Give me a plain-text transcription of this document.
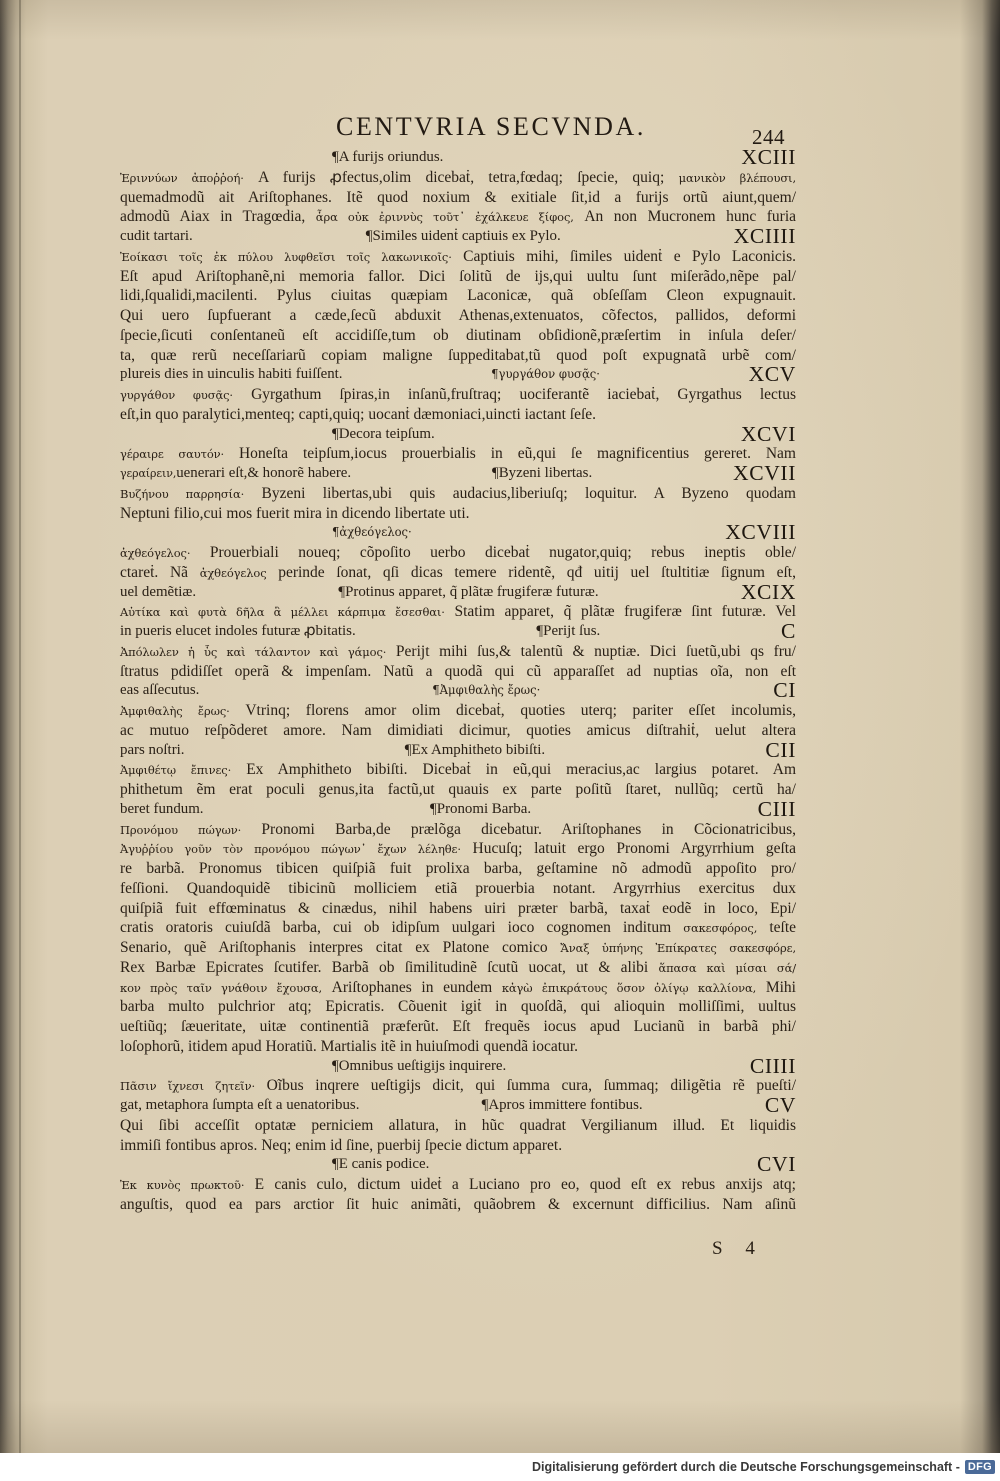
CENTVRIA SECVNDA.	244
¶A furijs oriundus.	XCIII
Ἐριννύων ἀποῤῥοή· A furijs ꝓfectus,olim dicebaṫ, tetra,fœdaq; ſpecie, quiq; μανικὸν βλέπουσι,
quemadmodũ ait Ariſtophanes. Itẽ quod noxium & exitiale ſit,id a furijs ortũ aiunt,quem/
admodũ Aiax in Tragœdia, ἆρα οὐκ ἐριννὺς τοῦτ᾽ ἐχάλκευε ξίφος, An non Mucronem hunc furia
cudit tartari.	¶Similes uidenṫ captiuis ex Pylo.	XCIIII
Ἐοίκασι τοῖς ἐκ πύλου λυφθεῖσι τοῖς λακωνικοῖς· Captiuis mihi, ſimiles uidenṫ e Pylo Laconicis.
Eſt apud Ariſtophanẽ,ni memoria fallor. Dici ſolitũ de ijs,qui uultu ſunt miſerãdo,nẽpe pal/
lidi,ſqualidi,macilenti. Pylus ciuitas quæpiam Laconicæ, quã obſeſſam Cleon expugnauit.
Qui uero ſupfuerant a cæde,ſecũ abduxit Athenas,extenuatos, cõfectos, pallidos, deformi
ſpecie,ſicuti conſentaneũ eſt accidiſſe,tum ob diutinam obſidionẽ,præſertim in inſula deſer/
ta, quæ rerũ neceſſariarũ copiam maligne ſuppeditabat,tũ quod poſt expugnatã urbẽ com/
plureis dies in uinculis habiti fuiſſent.	¶γυργάθον φυσᾷς·	XCV
γυργάθον φυσᾷς· Gyrgathum ſpiras,in inſanũ,fruſtraq; uociferantẽ iaciebaṫ, Gyrgathus lectus
eſt,in quo paralytici,menteq; capti,quiq; uocanṫ dæmoniaci,uincti iactant ſeſe.
¶Decora teipſum.	XCVI
γέραιρε σαυτόν· Honeſta teipſum,iocus prouerbialis in eũ,qui ſe magnificentius gereret. Nam
γεραίρειν,uenerari eſt,& honorẽ habere.	¶Byzeni libertas.	XCVII
Βυζήνου παρρησία· Byzeni libertas,ubi quis audacius,liberiuſq; loquitur. A Byzeno quodam
Neptuni filio,cui mos fuerit mira in dicendo libertate uti.
¶ἀχθεόγελος·	XCVIII
ἀχθεόγελος· Prouerbiali noueq; cõpoſito uerbo dicebaṫ nugator,quiq; rebus ineptis oble/
ctareṫ. Nã ἀχθεόγελος perinde ſonat, qſi dicas temere ridentẽ, qđ uitij uel ſtultitiæ ſignum eſt,
uel demẽtiæ.	¶Protinus apparet, q̃ plãtæ frugiferæ futuræ.	XCIX
Αὐτίκα καὶ φυτὰ δῆλα ἃ μέλλει κάρπιμα ἔσεσθαι· Statim apparet, q̃ plãtæ frugiferæ ſint futuræ. Vel
in pueris elucet indoles futuræ ꝓbitatis.	¶Perijt ſus.	C
Ἀπόλωλεν ἡ ὗς καὶ τάλαντον καὶ γάμος· Perijt mihi ſus,& talentũ & nuptiæ. Dici ſuetũ,ubi qs fru/
ſtratus pdidiſſet operã & impenſam. Natũ a quodã qui cũ apparaſſet ad nuptias oĩa, non eſt
eas aſſecutus.	¶Ἀμφιθαλὴς ἔρως·	CI
Ἀμφιθαλὴς ἔρως· Vtrinq; florens amor olim dicebaṫ, quoties uterq; pariter eſſet incolumis,
ac mutuo reſpõderet amore. Nam dimidiati dicimur, quoties amicus diſtrahiṫ, uelut altera
pars noſtri.	¶Ex Amphitheto bibiſti.	CII
Ἀμφιθέτῳ ἔπινες· Ex Amphitheto bibiſti. Dicebaṫ in eũ,qui meracius,ac largius potaret. Am
phithetum ẽm erat poculi genus,ita factũ,ut quauis ex parte poſitũ ſtaret, nullũq; certũ ha/
beret fundum.	¶Pronomi Barba.	CIII
Προνόμου πώγων· Pronomi Barba,de prælõga dicebatur. Ariſtophanes in Cõcionatricibus,
Ἀγυῤῥίου γοῦν τὸν προνόμου πώγων᾽ ἔχων λέληθε· Hucuſq; latuit ergo Pronomi Argyrrhium geſta
re barbã. Pronomus tibicen quiſpiã fuit prolixa barba, geſtamine nõ admodũ appoſito pro/
feſſioni. Quandoquidẽ tibicinũ molliciem etiã prouerbia notant. Argyrrhius exercitus dux
quiſpiã fuit effœminatus & cinædus, nihil habens uiri præter barbã, taxaṫ eodẽ in loco, Epi/
cratis oratoris cuiuſdã barba, cui ob idipſum uulgari ioco cognomen inditum σακεσφόρος, teſte
Senario, quẽ Ariſtophanis interpres citat ex Platone comico Ἄναξ ὑπήνης Ἐπίκρατες σακεσφόρε,
Rex Barbæ Epicrates ſcutifer. Barbã ob ſimilitudinẽ ſcutũ uocat, ut & alibi ἅπασα καὶ μίσαι σά/
κον πρὸς ταῖν γνάθοιν ἔχουσα, Ariſtophanes in eundem κἀγὼ ἐπικράτους ὅσον ὀλίγῳ καλλίονα, Mihi
barba multo pulchrior atq; Epicratis. Cõuenit igiṫ in quoſdã, qui alioquin molliſſimi, uultus
ueſtiũq; ſæueritate, uitæ continentiã præferũt. Eſt frequẽs iocus apud Lucianũ in barbã phi/
loſophorũ, itidem apud Horatiũ. Martialis itẽ in huiuſmodi quendã iocatur.
¶Omnibus ueſtigijs inquirere.	CIIII
Πᾶσιν ἴχνεσι ζητεῖν· Oĩbus inqrere ueſtigijs dicit, qui ſumma cura, ſummaq; diligẽtia rẽ pueſti/
gat, metaphora ſumpta eſt a uenatoribus.	¶Apros immittere fontibus.	CV
Qui ſibi acceſſit optatæ perniciem allatura, in hũc quadrat Vergilianum illud. Et liquidis
immiſi fontibus apros. Neq; enim id ſine, puerbij ſpecie dictum apparet.
¶E canis podice.	CVI
Ἐκ κυνὸς πρωκτοῦ· E canis culo, dictum uideṫ a Luciano pro eo, quod eſt ex rebus anxijs atq;
anguſtis, quod ea pars arctior ſit huic animãti, quãobrem & excernunt difficilius. Nam aſinũ
S 4
Digitalisierung gefördert durch die Deutsche Forschungsgemeinschaft - DFG
